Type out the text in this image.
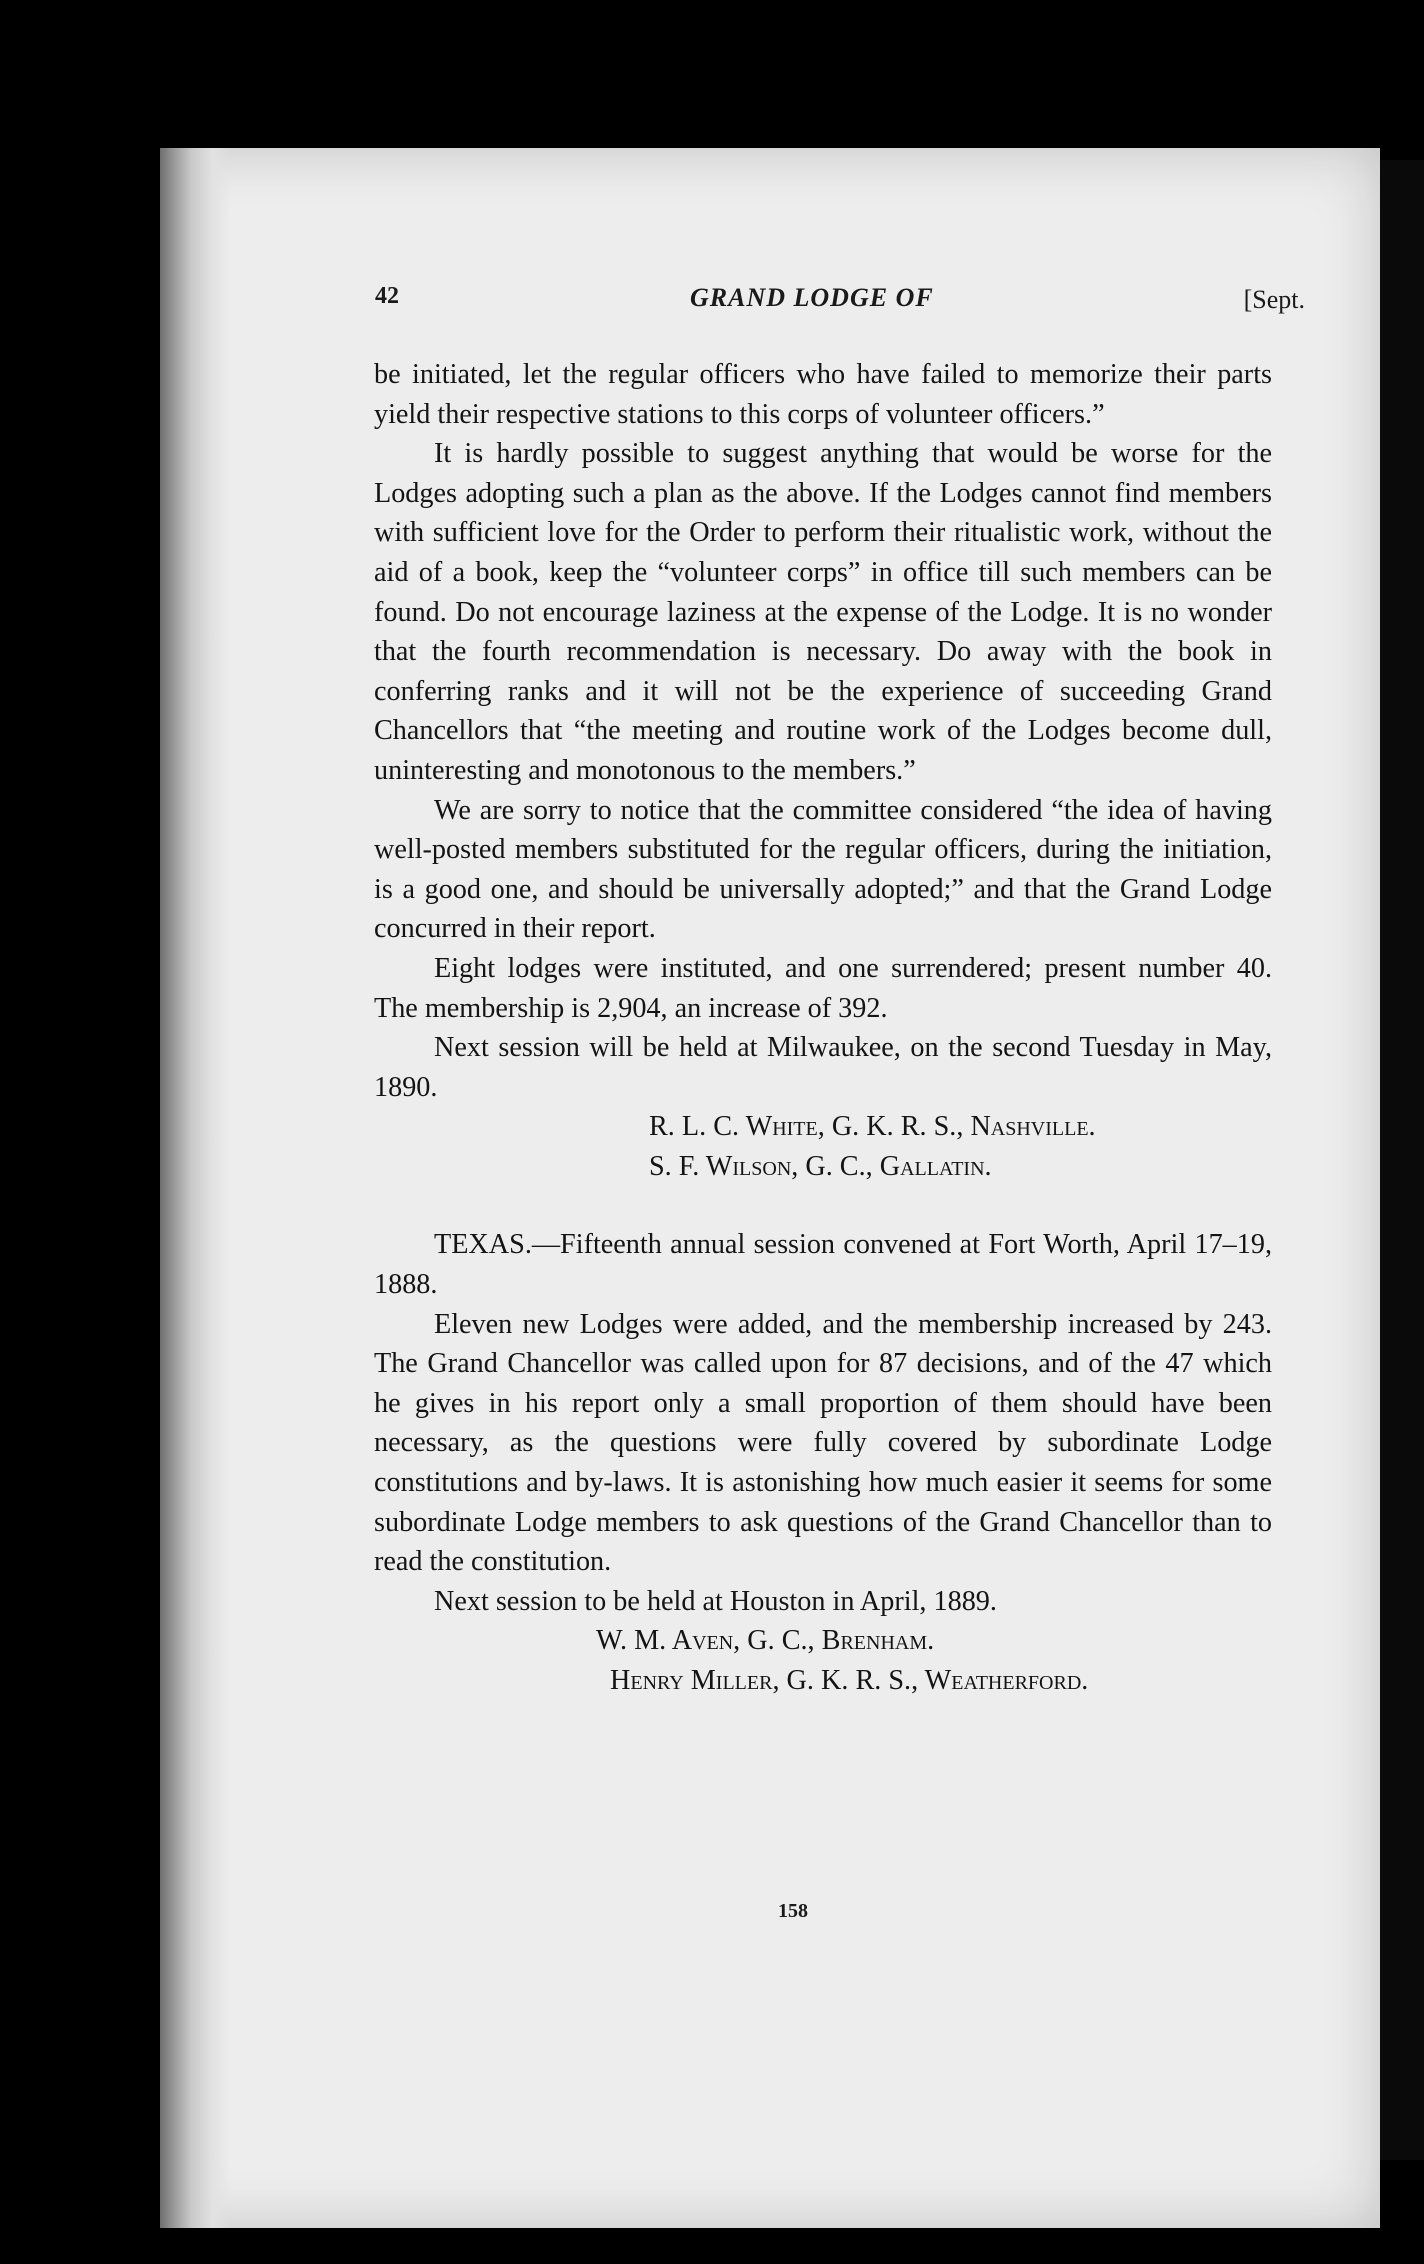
42	GRAND LODGE OF	[Sept.

be initiated, let the regular officers who have failed to memorize their parts yield their respective stations to this corps of volunteer officers.”

It is hardly possible to suggest anything that would be worse for the Lodges adopting such a plan as the above. If the Lodges cannot find members with sufficient love for the Order to perform their ritualistic work, without the aid of a book, keep the “volunteer corps” in office till such members can be found. Do not encourage laziness at the expense of the Lodge. It is no wonder that the fourth recommendation is necessary. Do away with the book in conferring ranks and it will not be the experience of succeeding Grand Chancellors that “the meeting and routine work of the Lodges become dull, uninteresting and monotonous to the members.”

We are sorry to notice that the committee considered “the idea of having well-posted members substituted for the regular officers, during the initiation, is a good one, and should be universally adopted;” and that the Grand Lodge concurred in their report.

Eight lodges were instituted, and one surrendered; present number 40. The membership is 2,904, an increase of 392.

Next session will be held at Milwaukee, on the second Tuesday in May, 1890.

R. L. C. White, G. K. R. S., Nashville.

S. F. Wilson, G. C., Gallatin.

TEXAS.—Fifteenth annual session convened at Fort Worth, April 17–19, 1888.

Eleven new Lodges were added, and the membership increased by 243. The Grand Chancellor was called upon for 87 decisions, and of the 47 which he gives in his report only a small proportion of them should have been necessary, as the questions were fully covered by subordinate Lodge constitutions and by-laws. It is astonishing how much easier it seems for some subordinate Lodge members to ask questions of the Grand Chancellor than to read the constitution.

Next session to be held at Houston in April, 1889.

W. M. Aven, G. C., Brenham.

Henry Miller, G. K. R. S., Weatherford.

158
